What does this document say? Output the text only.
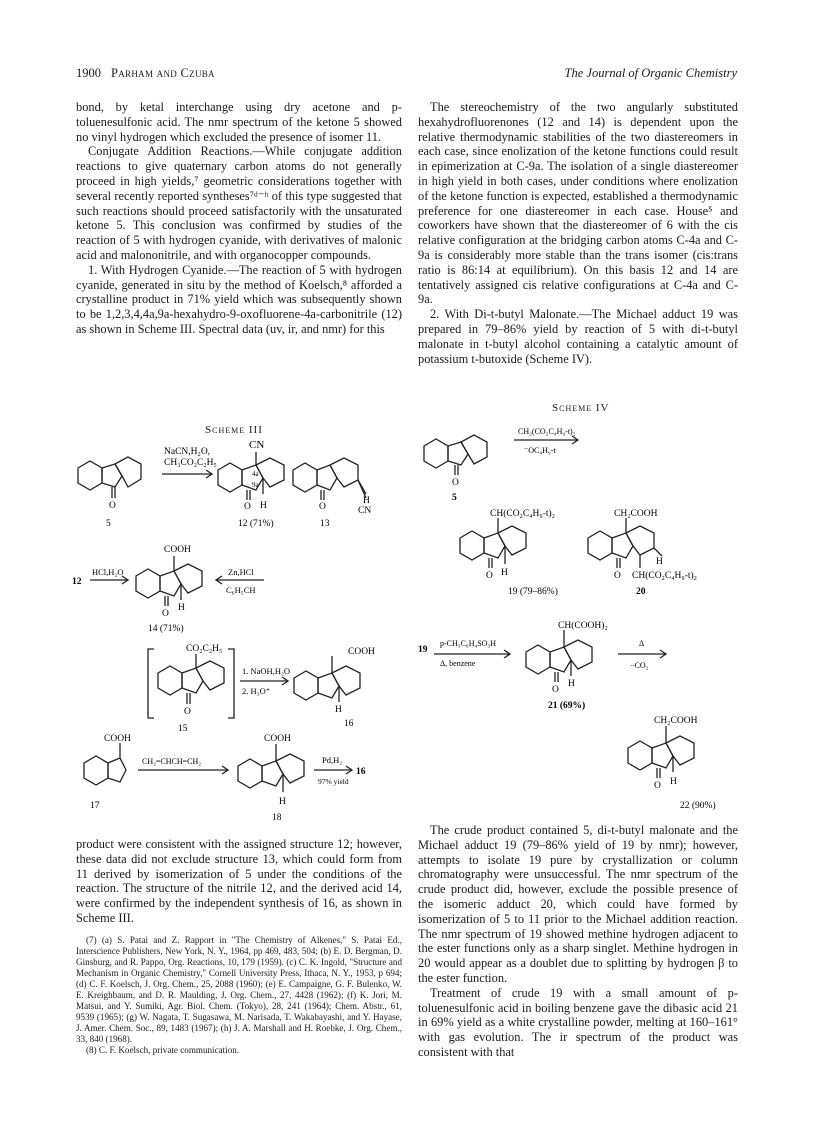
1900 Parham and Czuba	The Journal of Organic Chemistry

bond, by ketal interchange using dry acetone and p-toluenesulfonic acid. The nmr spectrum of the ketone 5 showed no vinyl hydrogen which excluded the presence of isomer 11.

Conjugate Addition Reactions.—While conjugate addition reactions to give quaternary carbon atoms do not generally proceed in high yields,⁷ geometric considerations together with several recently reported syntheses⁷ᵈ⁻ʰ of this type suggested that such reactions should proceed satisfactorily with the unsaturated ketone 5. This conclusion was confirmed by studies of the reaction of 5 with hydrogen cyanide, with derivatives of malonic acid and malononitrile, and with organocopper compounds.

1. With Hydrogen Cyanide.—The reaction of 5 with hydrogen cyanide, generated in situ by the method of Koelsch,⁸ afforded a crystalline product in 71% yield which was subsequently shown to be 1,2,3,4,4a,9a-hexahydro-9-oxofluorene-4a-carbonitrile (12) as shown in Scheme III. Spectral data (uv, ir, and nmr) for this

The stereochemistry of the two angularly substituted hexahydrofluorenones (12 and 14) is dependent upon the relative thermodynamic stabilities of the two diastereomers in each case, since enolization of the ketone functions could result in epimerization at C-9a. The isolation of a single diastereomer in high yield in both cases, under conditions where enolization of the ketone function is expected, established a thermodynamic preference for one diastereomer in each case. House⁵ and coworkers have shown that the diastereomer of 6 with the cis relative configuration at the bridging carbon atoms C-4a and C-9a is considerably more stable than the trans isomer (cis:trans ratio is 86:14 at equilibrium). On this basis 12 and 14 are tentatively assigned cis relative configurations at C-4a and C-9a.

2. With Di-t-butyl Malonate.—The Michael adduct 19 was prepared in 79–86% yield by reaction of 5 with di-t-butyl malonate in t-butyl alcohol containing a catalytic amount of potassium t-butoxide (Scheme IV).

Scheme III
Scheme IV
NaCN,H₂O,
CH₃CO₂C₂H₅
CN
4a
9a
O	O H	O
H
CN
5	12 (71%)	13
12
HCl,H₂O
COOH
O
H
14 (71%)
Zn,HCl
C₆H₅CH
CO₂C₂H₅
O
15
1. NaOH,H₂O
2. H₃O⁺
COOH
H
16
COOH
17
CH₂=CHCH=CH₂
COOH
H
18
Pd,H₂
97% yield
16
CH₂(CO₂C₄H₉-t)₂
⁻OC₄H₉-t
O
5
CH(CO₂C₄H₉-t)₂
O H
19 (79–86%)
CH₂COOH
H
O CH(CO₂C₄H₉-t)₂
20
19
p-CH₃C₆H₄SO₃H
Δ, benzene
CH(COOH)₂
O
H
21 (69%)
Δ
−CO₂
CH₂COOH
O H
22 (90%)

product were consistent with the assigned structure 12; however, these data did not exclude structure 13, which could form from 11 derived by isomerization of 5 under the conditions of the reaction. The structure of the nitrile 12, and the derived acid 14, were confirmed by the independent synthesis of 16, as shown in Scheme III.

(7) (a) S. Patai and Z. Rapport in "The Chemistry of Alkenes," S. Patai Ed., Interscience Publishers, New York, N. Y., 1964, pp 469, 483, 504; (b) E. D. Bergman, D. Ginsburg, and R. Pappo, Org. Reactions, 10, 179 (1959). (c) C. K. Ingold, "Structure and Mechanism in Organic Chemistry," Cornell University Press, Ithaca, N. Y., 1953, p 694; (d) C. F. Koelsch, J. Org. Chem., 25, 2088 (1960); (e) E. Campaigne, G. F. Bulenko, W. E. Kreighbaum, and D. R. Maulding, J. Org. Chem., 27, 4428 (1962); (f) K. Jori, M. Matsui, and Y. Sumiki, Agr. Biol. Chem. (Tokyo), 28, 241 (1964); Chem. Abstr., 61, 9539 (1965); (g) W. Nagata, T. Sugasawa, M. Narisada, T. Wakabayashi, and Y. Hayase, J. Amer. Chem. Soc., 89, 1483 (1967); (h) J. A. Marshall and H. Roebke, J. Org. Chem., 33, 840 (1968).

(8) C. F. Koelsch, private communication.

The crude product contained 5, di-t-butyl malonate and the Michael adduct 19 (79–86% yield of 19 by nmr); however, attempts to isolate 19 pure by crystallization or column chromatography were unsuccessful. The nmr spectrum of the crude product did, however, exclude the possible presence of the isomeric adduct 20, which could have formed by isomerization of 5 to 11 prior to the Michael addition reaction. The nmr spectrum of 19 showed methine hydrogen adjacent to the ester functions only as a sharp singlet. Methine hydrogen in 20 would appear as a doublet due to splitting by hydrogen β to the ester function.

Treatment of crude 19 with a small amount of p-toluenesulfonic acid in boiling benzene gave the dibasic acid 21 in 69% yield as a white crystalline powder, melting at 160–161° with gas evolution. The ir spectrum of the product was consistent with that
